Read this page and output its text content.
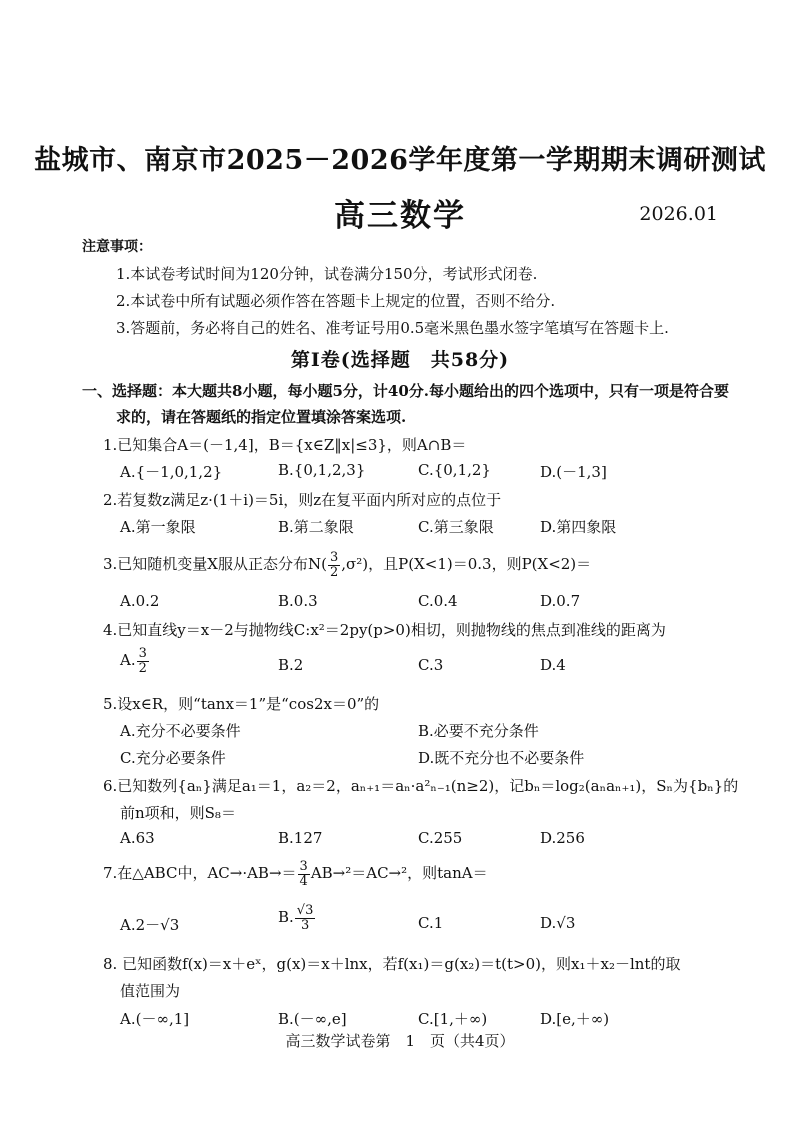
盐城市、南京市2025－2026学年度第一学期期末调研测试
高三数学	2026.01
注意事项：
1.本试卷考试时间为120分钟，试卷满分150分，考试形式闭卷.
2.本试卷中所有试题必须作答在答题卡上规定的位置，否则不给分.
3.答题前，务必将自己的姓名、准考证号用0.5毫米黑色墨水签字笔填写在答题卡上.
第Ⅰ卷(选择题　共58分)
一、选择题：本大题共8小题，每小题5分，计40分.每小题给出的四个选项中，只有一项是符合要
求的，请在答题纸的指定位置填涂答案选项.
1.已知集合A＝(－1,4]，B＝{x∈Z‖x|≤3}，则A∩B＝
A.{－1,0,1,2}	B.{0,1,2,3}	C.{0,1,2}	D.(－1,3]
2.若复数z满足z·(1＋i)＝5i，则z在复平面内所对应的点位于
A.第一象限	B.第二象限	C.第三象限	D.第四象限
3.已知随机变量X服从正态分布$N( \frac{3}{2} ,\sigma^2)$，且P(X<1)＝0.3，则P(X<2)＝
A.0.2	B.0.3	C.0.4	D.0.7
4.已知直线y＝x－2与抛物线C:x²＝2py(p>0)相切，则抛物线的焦点到准线的距离为
A. $\frac{3}{2}$	B.2	C.3	D.4
5.设x∈R，则“tanx＝1”是“cos2x＝0”的
A.充分不必要条件	B.必要不充分条件
C.充分必要条件	D.既不充分也不必要条件
6.已知数列{aₙ}满足a₁＝1，a₂＝2，aₙ₊₁＝aₙ·a²ₙ₋₁(n≥2)，记bₙ＝log₂(aₙaₙ₊₁)，Sₙ为{bₙ}的
前n项和，则S₈＝
A.63	B.127	C.255	D.256
7.在△ABC中，$AC\to\cdot AB\to= \frac{3}{4} AB\to^2=AC\to^2$，则tanA＝
A.2－√3	B. $\frac{√3}{3}$	C.1	D.√3
8. 已知函数f(x)＝x＋eˣ，g(x)＝x＋lnx，若f(x₁)＝g(x₂)＝t(t>0)，则x₁＋x₂－lnt的取
值范围为
A.(－∞,1]	B.(－∞,e]	C.[1,＋∞)	D.[e,＋∞)
高三数学试卷第　1　页（共4页）
